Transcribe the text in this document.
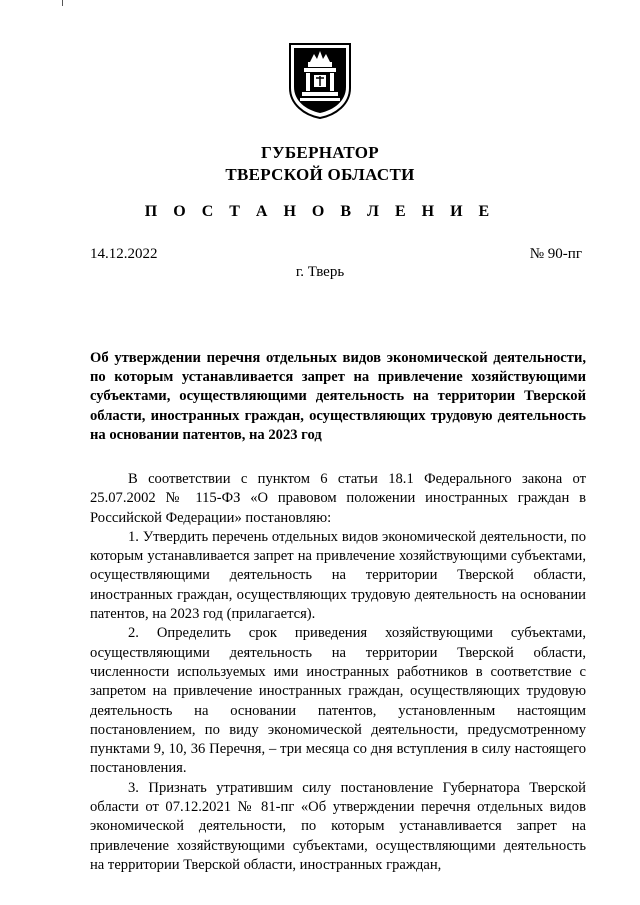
ГУБЕРНАТОР
ТВЕРСКОЙ ОБЛАСТИ
П О С Т А Н О В Л Е Н И Е
14.12.2022	№ 90-пг
г. Тверь
Об утверждении перечня отдельных видов экономической деятельности, по которым устанавливается запрет на привлечение хозяйствующими субъектами, осуществляющими деятельность на территории Тверской области, иностранных граждан, осуществляющих трудовую деятельность на основании патентов, на 2023 год

В соответствии с пунктом 6 статьи 18.1 Федерального закона от 25.07.2002 № 115-ФЗ «О правовом положении иностранных граждан в Российской Федерации» постановляю:

1. Утвердить перечень отдельных видов экономической деятельности, по которым устанавливается запрет на привлечение хозяйствующими субъектами, осуществляющими деятельность на территории Тверской области, иностранных граждан, осуществляющих трудовую деятельность на основании патентов, на 2023 год (прилагается).

2. Определить срок приведения хозяйствующими субъектами, осуществляющими деятельность на территории Тверской области, численности используемых ими иностранных работников в соответствие с запретом на привлечение иностранных граждан, осуществляющих трудовую деятельность на основании патентов, установленным настоящим постановлением, по виду экономической деятельности, предусмотренному пунктами 9, 10, 36 Перечня, – три месяца со дня вступления в силу настоящего постановления.

3. Признать утратившим силу постановление Губернатора Тверской области от 07.12.2021 № 81-пг «Об утверждении перечня отдельных видов экономической деятельности, по которым устанавливается запрет на привлечение хозяйствующими субъектами, осуществляющими деятельность на территории Тверской области, иностранных граждан,
